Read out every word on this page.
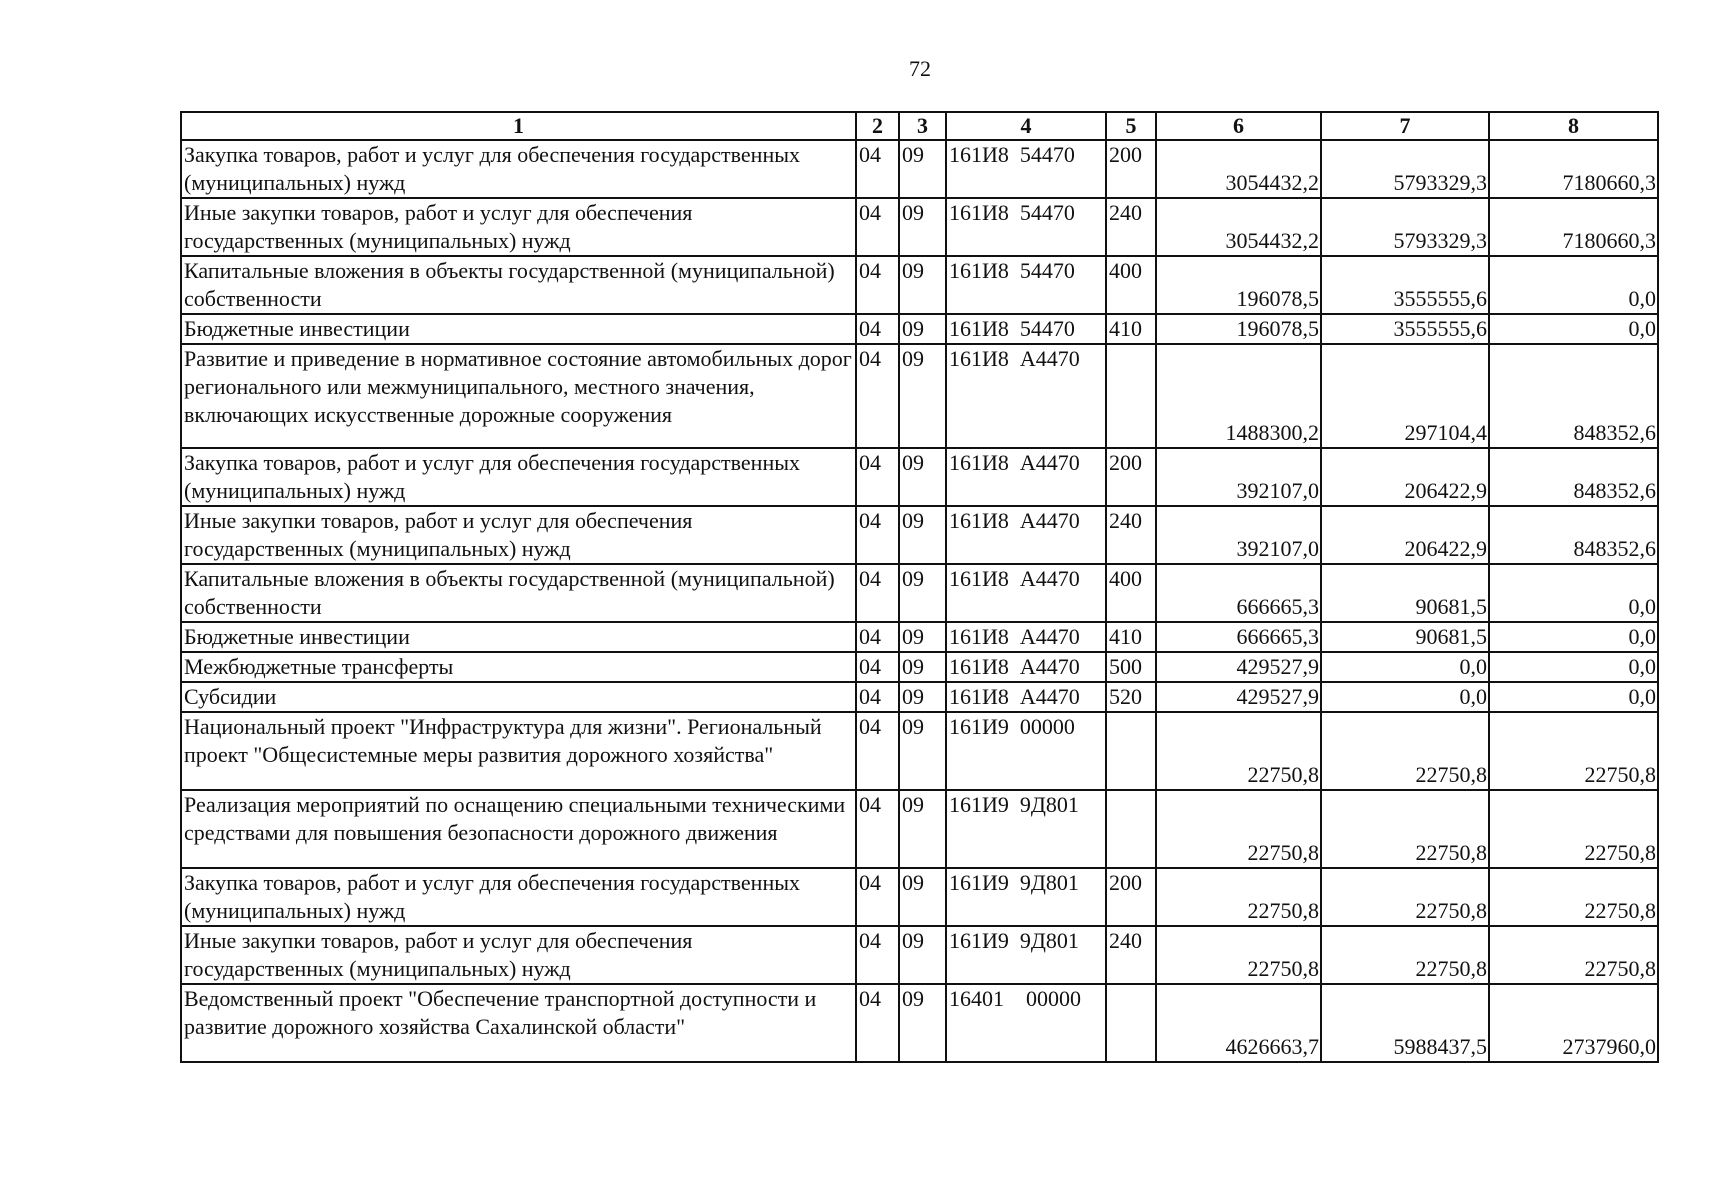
72
1	2	3	4	5	6	7	8
Закупка товаров, работ и услуг для обеспечения государственных (муниципальных) нужд	04	09	161И8  54470	200	3054432,2	5793329,3	7180660,3
Иные закупки товаров, работ и услуг для обеспечения государственных (муниципальных) нужд	04	09	161И8  54470	240	3054432,2	5793329,3	7180660,3
Капитальные вложения в объекты государственной (муниципальной) собственности	04	09	161И8  54470	400	196078,5	3555555,6	0,0
Бюджетные инвестиции	04	09	161И8  54470	410	196078,5	3555555,6	0,0
Развитие и приведение в нормативное состояние автомобильных дорог регионального или межмуниципального, местного значения, включающих искусственные дорожные сооружения	04	09	161И8  А4470		1488300,2	297104,4	848352,6
Закупка товаров, работ и услуг для обеспечения государственных (муниципальных) нужд	04	09	161И8  А4470	200	392107,0	206422,9	848352,6
Иные закупки товаров, работ и услуг для обеспечения государственных (муниципальных) нужд	04	09	161И8  А4470	240	392107,0	206422,9	848352,6
Капитальные вложения в объекты государственной (муниципальной) собственности	04	09	161И8  А4470	400	666665,3	90681,5	0,0
Бюджетные инвестиции	04	09	161И8  А4470	410	666665,3	90681,5	0,0
Межбюджетные трансферты	04	09	161И8  А4470	500	429527,9	0,0	0,0
Субсидии	04	09	161И8  А4470	520	429527,9	0,0	0,0
Национальный проект "Инфраструктура для жизни". Региональный проект "Общесистемные меры развития дорожного хозяйства"	04	09	161И9  00000		22750,8	22750,8	22750,8
Реализация мероприятий по оснащению специальными техническими средствами для повышения безопасности дорожного движения	04	09	161И9  9Д801		22750,8	22750,8	22750,8
Закупка товаров, работ и услуг для обеспечения государственных (муниципальных) нужд	04	09	161И9  9Д801	200	22750,8	22750,8	22750,8
Иные закупки товаров, работ и услуг для обеспечения государственных (муниципальных) нужд	04	09	161И9  9Д801	240	22750,8	22750,8	22750,8
Ведомственный проект "Обеспечение транспортной доступности и развитие дорожного хозяйства Сахалинской области"	04	09	16401    00000		4626663,7	5988437,5	2737960,0
